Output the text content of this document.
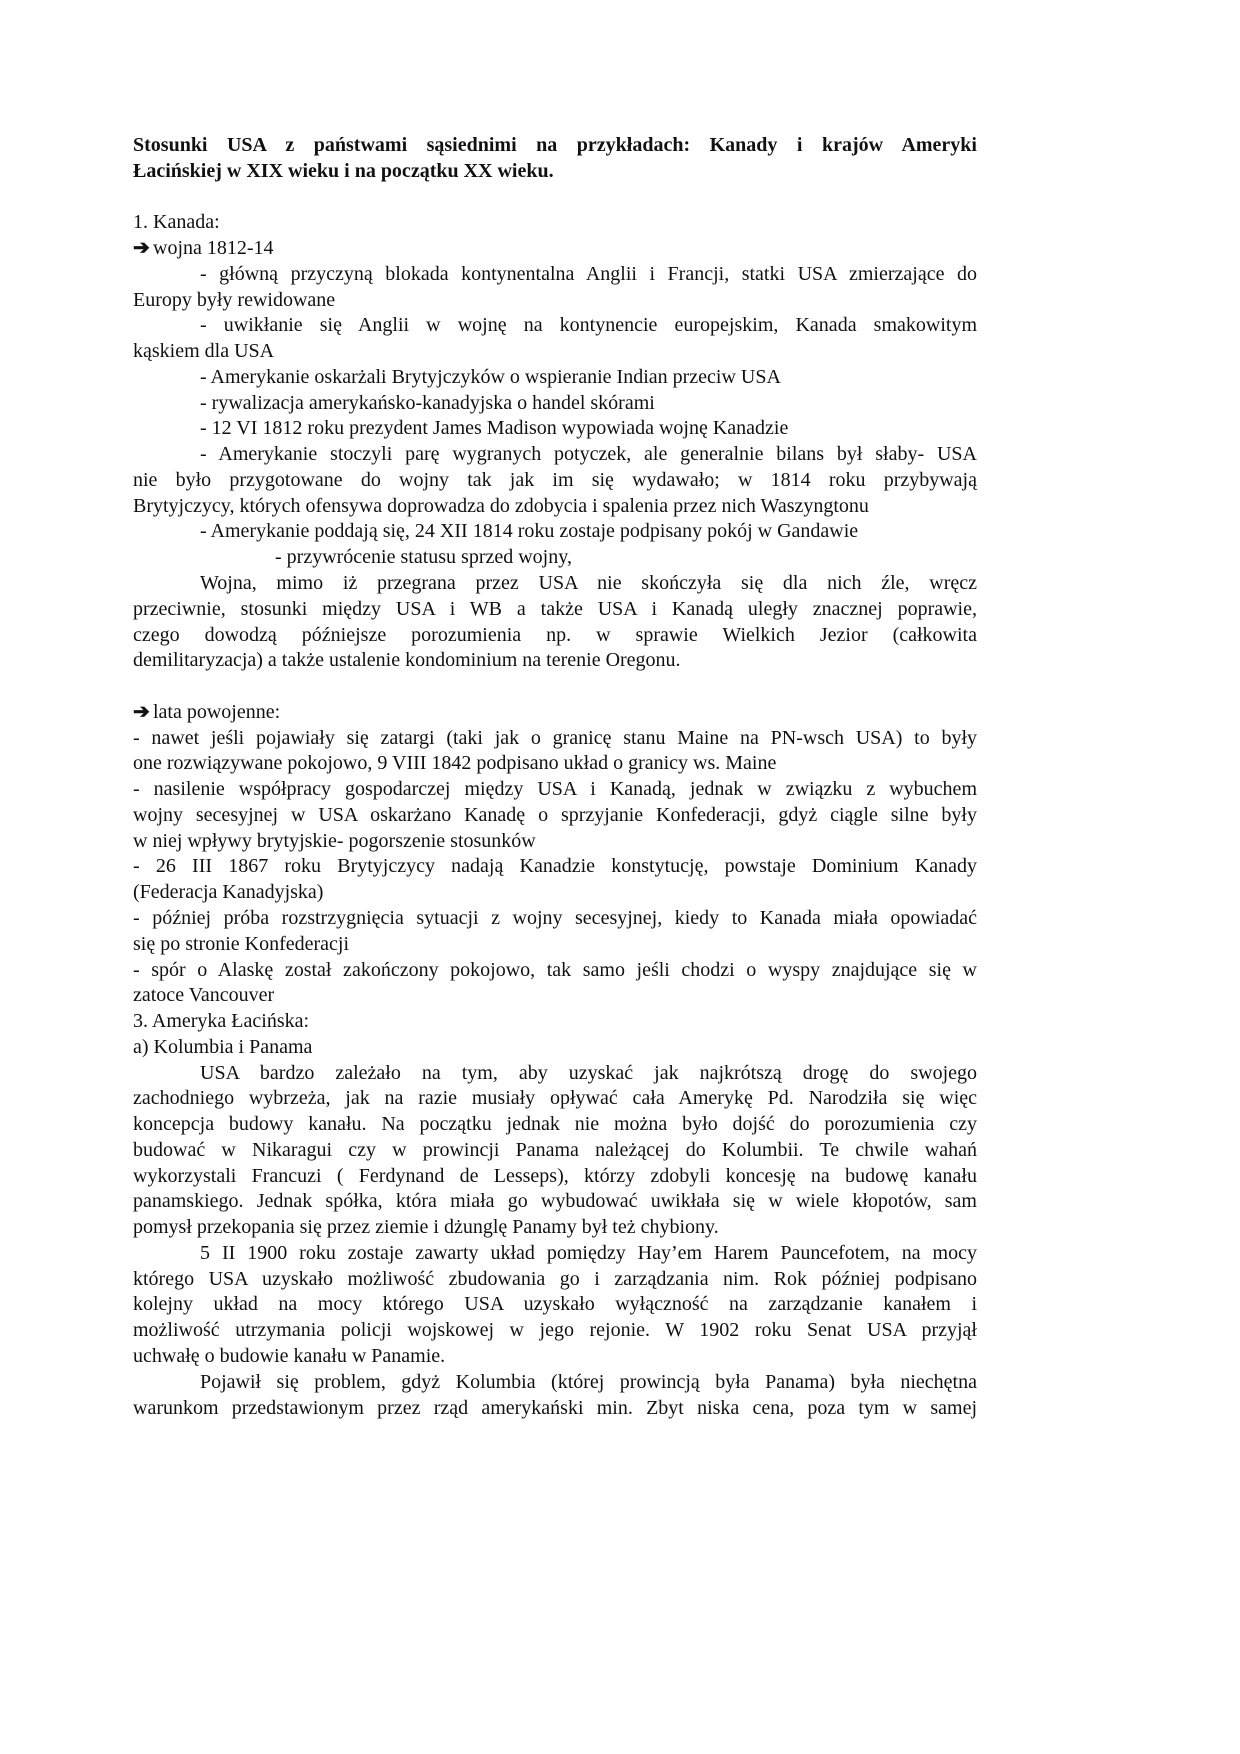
Stosunki USA z państwami sąsiednimi na przykładach: Kanady i krajów Ameryki
Łacińskiej w XIX wieku i na początku XX wieku.
1. Kanada:
➔ wojna 1812-14
- główną przyczyną blokada kontynentalna Anglii i Francji, statki USA zmierzające do
Europy były rewidowane
- uwikłanie się Anglii w wojnę na kontynencie europejskim, Kanada smakowitym
kąskiem dla USA
- Amerykanie oskarżali Brytyjczyków o wspieranie Indian przeciw USA
- rywalizacja amerykańsko-kanadyjska o handel skórami
- 12 VI 1812 roku prezydent James Madison wypowiada wojnę Kanadzie
- Amerykanie stoczyli parę wygranych potyczek, ale generalnie bilans był słaby- USA
nie było przygotowane do wojny tak jak im się wydawało; w 1814 roku przybywają
Brytyjczycy, których ofensywa doprowadza do zdobycia i spalenia przez nich Waszyngtonu
- Amerykanie poddają się, 24 XII 1814 roku zostaje podpisany pokój w Gandawie
- przywrócenie statusu sprzed wojny,
Wojna, mimo iż przegrana przez USA nie skończyła się dla nich źle, wręcz
przeciwnie, stosunki między USA i WB a także USA i Kanadą uległy znacznej poprawie,
czego dowodzą późniejsze porozumienia np. w sprawie Wielkich Jezior (całkowita
demilitaryzacja) a także ustalenie kondominium na terenie Oregonu.
➔ lata powojenne:
- nawet jeśli pojawiały się zatargi (taki jak o granicę stanu Maine na PN-wsch USA) to były
one rozwiązywane pokojowo, 9 VIII 1842 podpisano układ o granicy ws. Maine
- nasilenie współpracy gospodarczej między USA i Kanadą, jednak w związku z wybuchem
wojny secesyjnej w USA oskarżano Kanadę o sprzyjanie Konfederacji, gdyż ciągle silne były
w niej wpływy brytyjskie- pogorszenie stosunków
- 26 III 1867 roku Brytyjczycy nadają Kanadzie konstytucję, powstaje Dominium Kanady
(Federacja Kanadyjska)
- później próba rozstrzygnięcia sytuacji z wojny secesyjnej, kiedy to Kanada miała opowiadać
się po stronie Konfederacji
- spór o Alaskę został zakończony pokojowo, tak samo jeśli chodzi o wyspy znajdujące się w
zatoce Vancouver
3. Ameryka Łacińska:
a) Kolumbia i Panama
USA bardzo zależało na tym, aby uzyskać jak najkrótszą drogę do swojego
zachodniego wybrzeża, jak na razie musiały opływać cała Amerykę Pd. Narodziła się więc
koncepcja budowy kanału. Na początku jednak nie można było dojść do porozumienia czy
budować w Nikaragui czy w prowincji Panama należącej do Kolumbii. Te chwile wahań
wykorzystali Francuzi ( Ferdynand de Lesseps), którzy zdobyli koncesję na budowę kanału
panamskiego. Jednak spółka, która miała go wybudować uwikłała się w wiele kłopotów, sam
pomysł przekopania się przez ziemie i dżunglę Panamy był też chybiony.
5 II 1900 roku zostaje zawarty układ pomiędzy Hay’em Harem Pauncefotem, na mocy
którego USA uzyskało możliwość zbudowania go i zarządzania nim. Rok później podpisano
kolejny układ na mocy którego USA uzyskało wyłączność na zarządzanie kanałem i
możliwość utrzymania policji wojskowej w jego rejonie. W 1902 roku Senat USA przyjął
uchwałę o budowie kanału w Panamie.
Pojawił się problem, gdyż Kolumbia (której prowincją była Panama) była niechętna
warunkom przedstawionym przez rząd amerykański min. Zbyt niska cena, poza tym w samej
